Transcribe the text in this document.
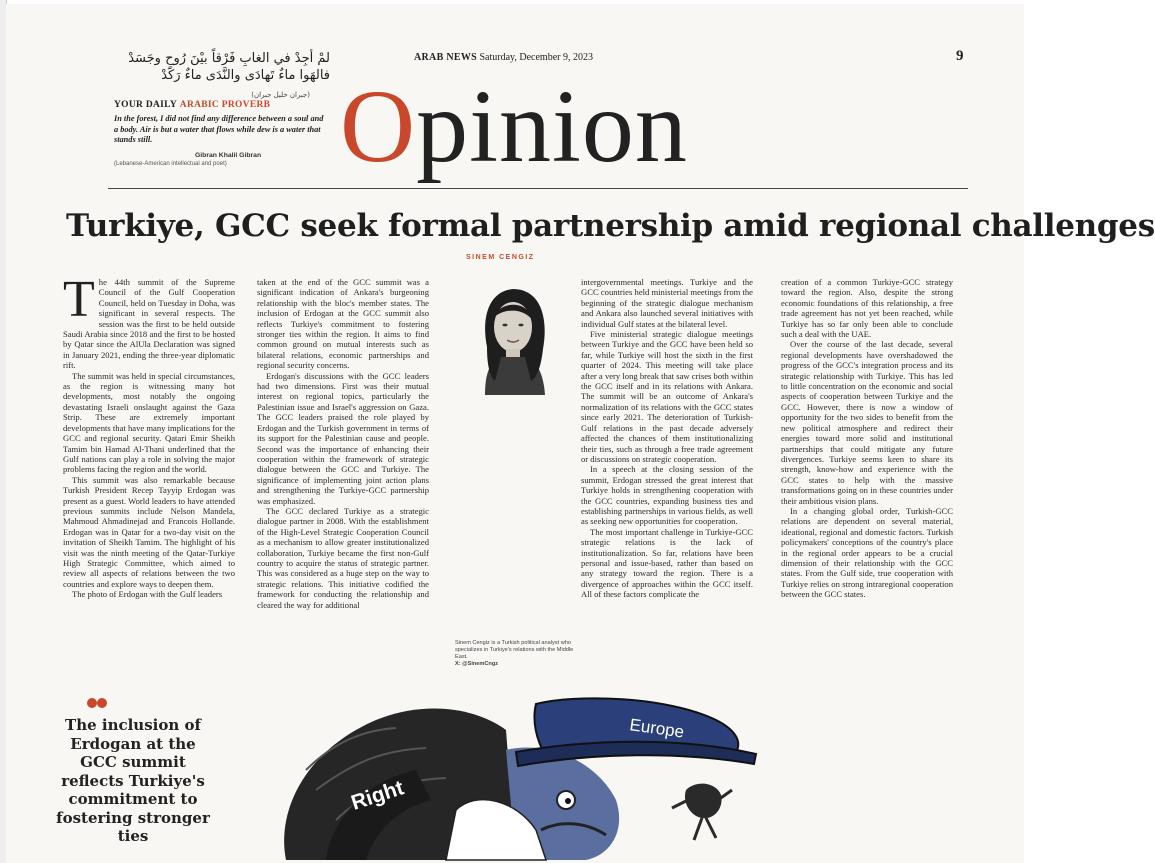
لمْ أجِدْ في الغابِ فَرْقاً بيْنَ رُوحٍ وجَسَدْ
فالهَوا ماءٌ تَهادَى والنَّدَى ماءٌ رَكَدْ
(جبران خليل جبران)
YOUR DAILY ARABIC PROVERB
In the forest, I did not find any difference between a soul and a body. Air is but a water that flows while dew is a water that stands still.
Gibran Khalil Gibran
(Lebanese-American intellectual and poet)
ARAB NEWS Saturday, December 9, 2023	9
Opinion
Turkiye, GCC seek formal partnership amid regional challenges
SINEM CENGIZ

The 44th summit of the Supreme Council of the Gulf Cooperation Council, held on Tuesday in Doha, was significant in several respects. The session was the first to be held outside Saudi Arabia since 2018 and the first to be hosted by Qatar since the AlUla Declaration was signed in January 2021, ending the three-year diplomatic rift.

The summit was held in special circumstances, as the region is witnessing many hot developments, most notably the ongoing devastating Israeli onslaught against the Gaza Strip. These are extremely important developments that have many implications for the GCC and regional security. Qatari Emir Sheikh Tamim bin Hamad Al-Thani underlined that the Gulf nations can play a role in solving the major problems facing the region and the world.

This summit was also remarkable because Turkish President Recep Tayyip Erdogan was present as a guest. World leaders to have attended previous summits include Nelson Mandela, Mahmoud Ahmadinejad and Francois Hollande. Erdogan was in Qatar for a two-day visit on the invitation of Sheikh Tamim. The highlight of his visit was the ninth meeting of the Qatar-Turkiye High Strategic Committee, which aimed to review all aspects of relations between the two countries and explore ways to deepen them.

The photo of Erdogan with the Gulf leaders

taken at the end of the GCC summit was a significant indication of Ankara's burgeoning relationship with the bloc's member states. The inclusion of Erdogan at the GCC summit also reflects Turkiye's commitment to fostering stronger ties within the region. It aims to find common ground on mutual interests such as bilateral relations, economic partnerships and regional security concerns.

Erdogan's discussions with the GCC leaders had two dimensions. First was their mutual interest on regional topics, particularly the Palestinian issue and Israel's aggression on Gaza. The GCC leaders praised the role played by Erdogan and the Turkish government in terms of its support for the Palestinian cause and people. Second was the importance of enhancing their cooperation within the framework of strategic dialogue between the GCC and Turkiye. The significance of implementing joint action plans and strengthening the Turkiye-GCC partnership was emphasized.

The GCC declared Turkiye as a strategic dialogue partner in 2008. With the establishment of the High-Level Strategic Cooperation Council as a mechanism to allow greater institutionalized collaboration, Turkiye became the first non-Gulf country to acquire the status of strategic partner. This was considered as a huge step on the way to strategic relations. This initiative codified the framework for conducting the relationship and cleared the way for additional

Sinem Cengiz is a Turkish political analyst who specializes in Turkiye's relations with the Middle East.
X: @SinemCngz

intergovernmental meetings. Turkiye and the GCC countries held ministerial meetings from the beginning of the strategic dialogue mechanism and Ankara also launched several initiatives with individual Gulf states at the bilateral level.

Five ministerial strategic dialogue meetings between Turkiye and the GCC have been held so far, while Turkiye will host the sixth in the first quarter of 2024. This meeting will take place after a very long break that saw crises both within the GCC itself and in its relations with Ankara. The summit will be an outcome of Ankara's normalization of its relations with the GCC states since early 2021. The deterioration of Turkish-Gulf relations in the past decade adversely affected the chances of them institutionalizing their ties, such as through a free trade agreement or discussions on strategic cooperation.

In a speech at the closing session of the summit, Erdogan stressed the great interest that Turkiye holds in strengthening cooperation with the GCC countries, expanding business ties and establishing partnerships in various fields, as well as seeking new opportunities for cooperation.

The most important challenge in Turkiye-GCC strategic relations is the lack of institutionalization. So far, relations have been personal and issue-based, rather than based on any strategy toward the region. There is a divergence of approaches within the GCC itself. All of these factors complicate the

creation of a common Turkiye-GCC strategy toward the region. Also, despite the strong economic foundations of this relationship, a free trade agreement has not yet been reached, while Turkiye has so far only been able to conclude such a deal with the UAE.

Over the course of the last decade, several regional developments have overshadowed the progress of the GCC's integration process and its strategic relationship with Turkiye. This has led to little concentration on the economic and social aspects of cooperation between Turkiye and the GCC. However, there is now a window of opportunity for the two sides to benefit from the new political atmosphere and redirect their energies toward more solid and institutional partnerships that could mitigate any future divergences. Turkiye seems keen to share its strength, know-how and experience with the GCC states to help with the massive transformations going on in these countries under their ambitious vision plans.

In a changing global order, Turkish-GCC relations are dependent on several material, ideational, regional and domestic factors. Turkish policymakers' conceptions of the country's place in the regional order appears to be a crucial dimension of their relationship with the GCC states. From the Gulf side, true cooperation with Turkiye relies on strong intraregional cooperation between the GCC states.

The inclusion of Erdogan at the GCC summit reflects Turkiye's commitment to fostering stronger ties
Right
Europe
